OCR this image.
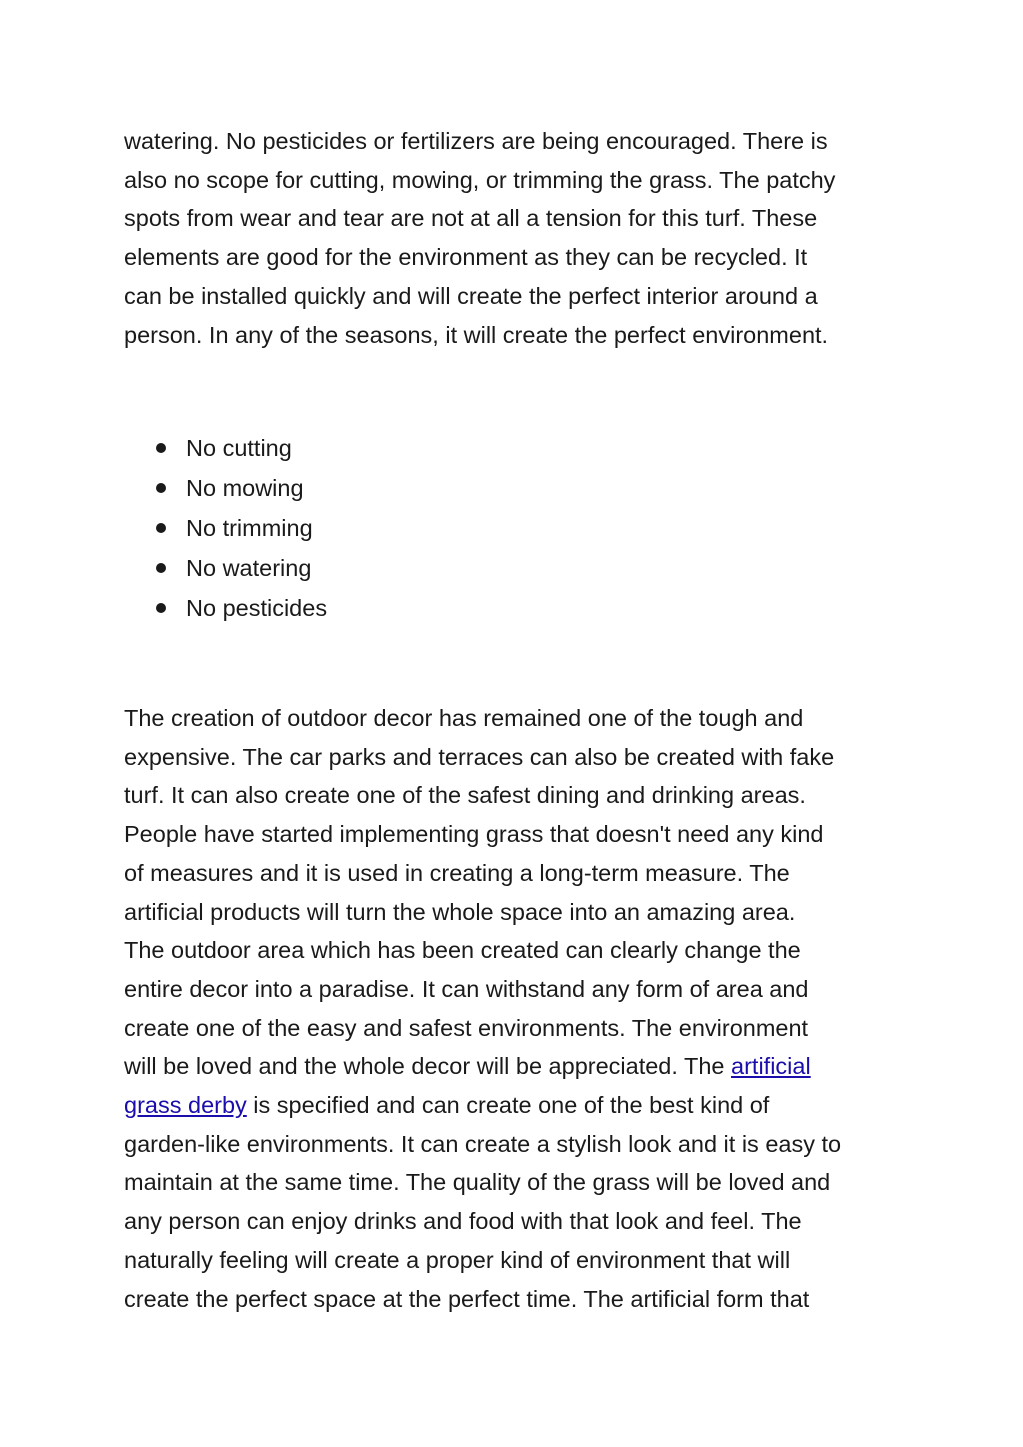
watering. No pesticides or fertilizers are being encouraged. There is
also no scope for cutting, mowing, or trimming the grass. The patchy
spots from wear and tear are not at all a tension for this turf. These
elements are good for the environment as they can be recycled. It
can be installed quickly and will create the perfect interior around a
person. In any of the seasons, it will create the perfect environment.

No cutting
No mowing
No trimming
No watering
No pesticides

The creation of outdoor decor has remained one of the tough and
expensive. The car parks and terraces can also be created with fake
turf. It can also create one of the safest dining and drinking areas.
People have started implementing grass that doesn't need any kind
of measures and it is used in creating a long-term measure. The
artificial products will turn the whole space into an amazing area.
The outdoor area which has been created can clearly change the
entire decor into a paradise. It can withstand any form of area and
create one of the easy and safest environments. The environment
will be loved and the whole decor will be appreciated. The artificial
grass derby is specified and can create one of the best kind of
garden-like environments. It can create a stylish look and it is easy to
maintain at the same time. The quality of the grass will be loved and
any person can enjoy drinks and food with that look and feel. The
naturally feeling will create a proper kind of environment that will
create the perfect space at the perfect time. The artificial form that
